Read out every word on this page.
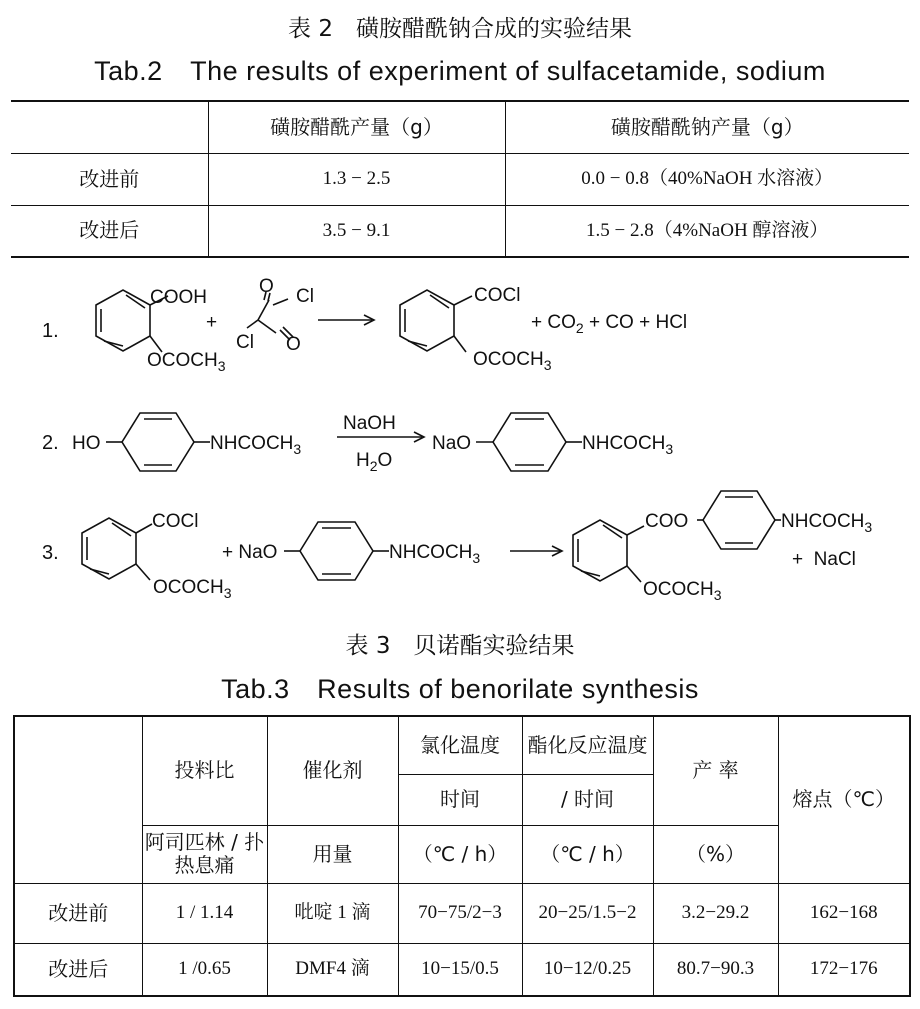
表 2　磺胺醋酰钠合成的实验结果
Tab.2　The results of experiment of sulfacetamide, sodium
	磺胺醋酰产量（g）	磺胺醋酰钠产量（g）
改进前	1.3 − 2.5	0.0 − 0.8（40%NaOH 水溶液）
改进后	3.5 − 9.1	1.5 − 2.8（4%NaOH 醇溶液）
1.
COOH
$OCOCH_3$
+
O Cl
Cl O
COCl
$OCOCH_3$
+ $CO_2$ + CO + HCl
2. HO	$NHCOCH_3$
NaOH
$H_2O$
NaO	$NHCOCH_3$
3.
COCl
$OCOCH_3$
+ NaO	$NHCOCH_3$
COO	$NHCOCH_3$
$OCOCH_3$
+  NaCl
表 3　贝诺酯实验结果
Tab.3　Results of benorilate synthesis
	投料比	催化剂	氯化温度	酯化反应温度	产 率	熔点（℃）
			时间	/ 时间		
	阿司匹林 / 扑热息痛	用量	（℃ / h）	（℃ / h）	（%）	
改进前	1 / 1.14	吡啶 1 滴	70−75/2−3	20−25/1.5−2	3.2−29.2	162−168
改进后	1 /0.65	DMF4 滴	10−15/0.5	10−12/0.25	80.7−90.3	172−176
